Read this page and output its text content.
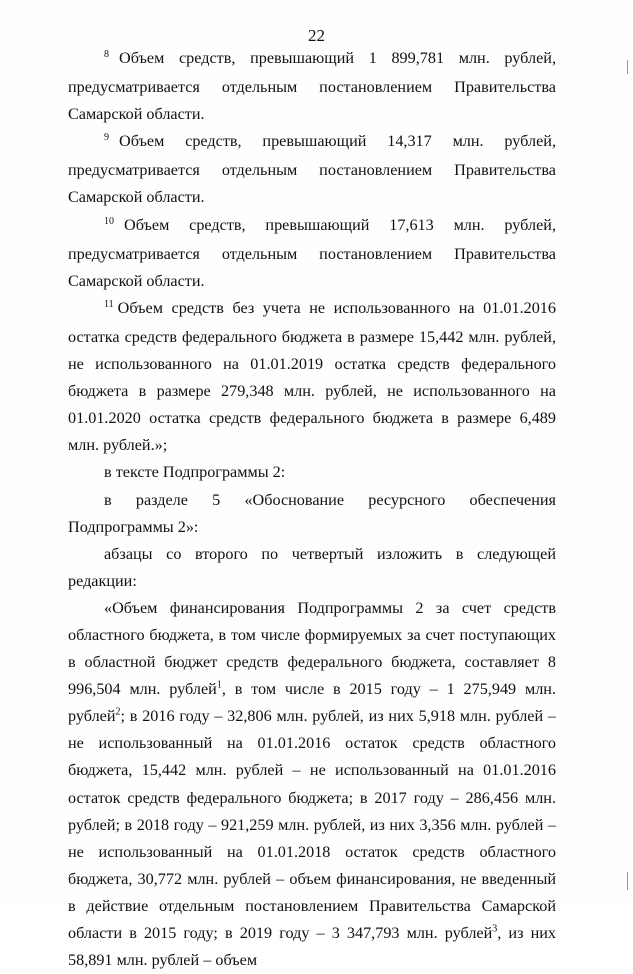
22

$^8$ Объем средств, превышающий 1 899,781 млн. рублей,

предусматривается отдельным постановлением Правительства Самарской области.

$^9$ Объем средств, превышающий 14,317 млн. рублей,

предусматривается отдельным постановлением Правительства Самарской области.

$^{10}$ Объем средств, превышающий 17,613 млн. рублей,

предусматривается отдельным постановлением Правительства Самарской области.

$^{11}$ Объем средств без учета не использованного на 01.01.2016 остатка средств федерального бюджета в размере 15,442 млн. рублей, не использованного на 01.01.2019 остатка средств федерального бюджета в размере 279,348 млн. рублей, не использованного на 01.01.2020 остатка средств федерального бюджета в размере 6,489 млн. рублей.»;

в тексте Подпрограммы 2:

в разделе 5 «Обоснование ресурсного обеспечения Подпрограммы 2»:

абзацы со второго по четвертый изложить в следующей редакции:

«Объем финансирования Подпрограммы 2 за счет средств областного бюджета, в том числе формируемых за счет поступающих в областной бюджет средств федерального бюджета, составляет 8 996,504 млн. рублей$^1$, в том числе в 2015 году – 1 275,949 млн. рублей$^2$; в 2016 году – 32,806 млн. рублей, из них 5,918 млн. рублей – не использованный на 01.01.2016 остаток средств областного бюджета, 15,442 млн. рублей – не использованный на 01.01.2016 остаток средств федерального бюджета; в 2017 году – 286,456 млн. рублей; в 2018 году – 921,259 млн. рублей, из них 3,356 млн. рублей – не использованный на 01.01.2018 остаток средств областного бюджета, 30,772 млн. рублей – объем финансирования, не введенный в действие отдельным постановлением Правительства Самарской области в 2015 году; в 2019 году – 3 347,793 млн. рублей$^3$, из них 58,891 млн. рублей – объем
